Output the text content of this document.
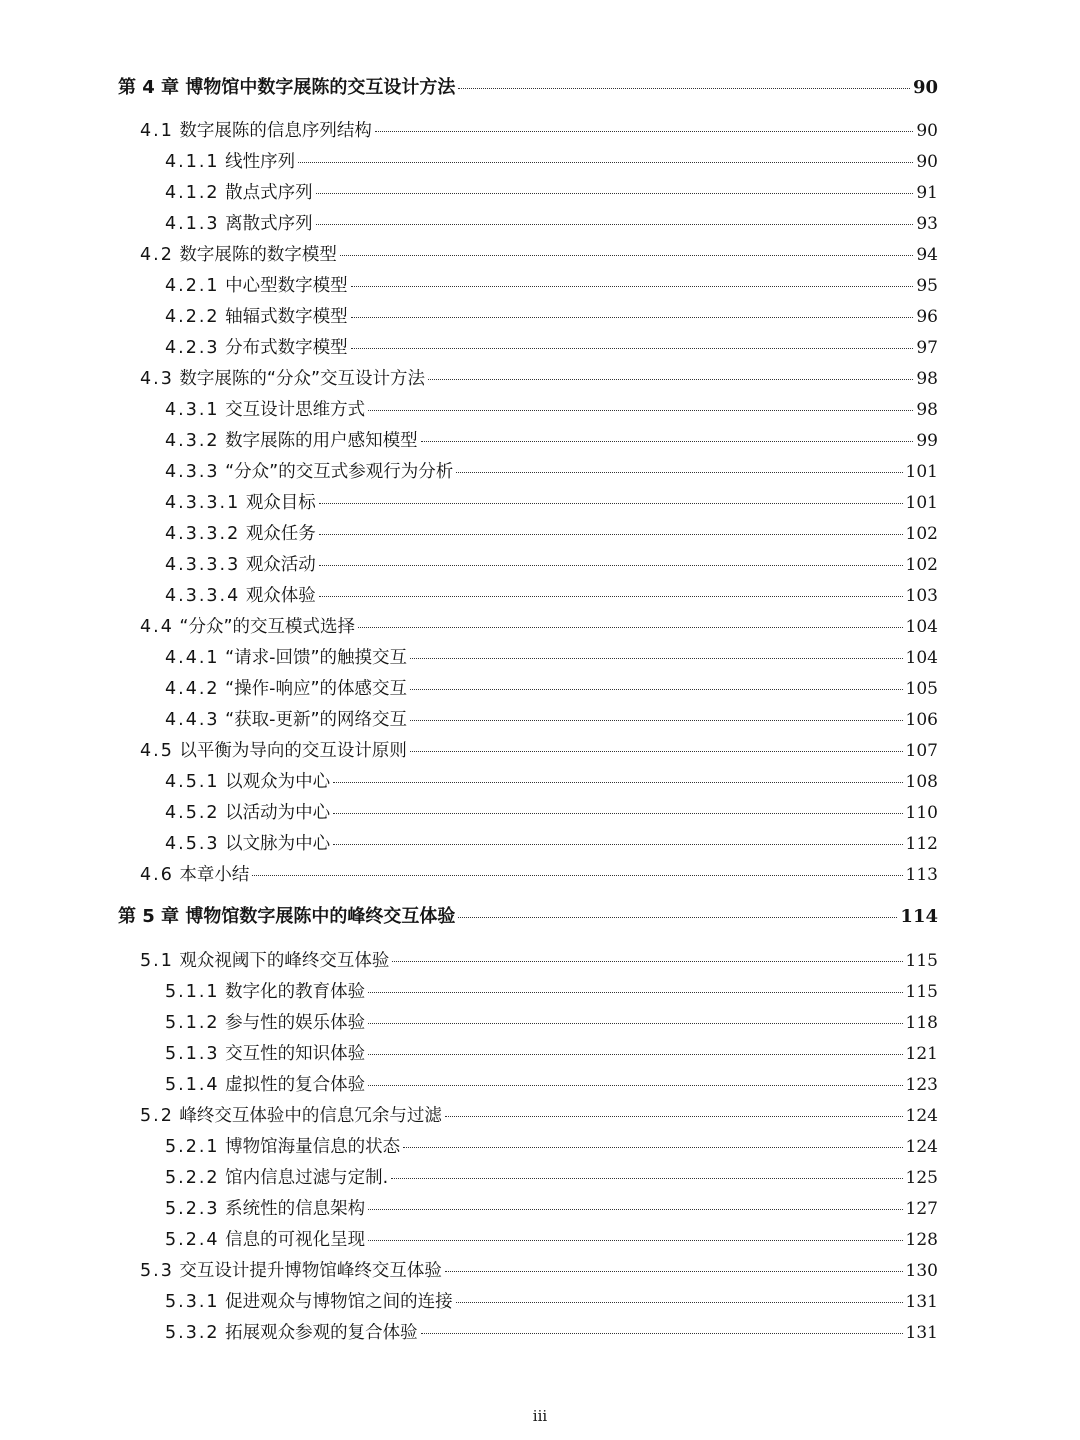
第 4 章 博物馆中数字展陈的交互设计方法	90
4.1 数字展陈的信息序列结构	90
4.1.1 线性序列	90
4.1.2 散点式序列	91
4.1.3 离散式序列	93
4.2 数字展陈的数字模型	94
4.2.1 中心型数字模型	95
4.2.2 轴辐式数字模型	96
4.2.3 分布式数字模型	97
4.3 数字展陈的“分众”交互设计方法	98
4.3.1 交互设计思维方式	98
4.3.2 数字展陈的用户感知模型	99
4.3.3 “分众”的交互式参观行为分析	101
4.3.3.1 观众目标	101
4.3.3.2 观众任务	102
4.3.3.3 观众活动	102
4.3.3.4 观众体验	103
4.4 “分众”的交互模式选择	104
4.4.1 “请求-回馈”的触摸交互	104
4.4.2 “操作-响应”的体感交互	105
4.4.3 “获取-更新”的网络交互	106
4.5 以平衡为导向的交互设计原则	107
4.5.1 以观众为中心	108
4.5.2 以活动为中心	110
4.5.3 以文脉为中心	112
4.6 本章小结	113
第 5 章 博物馆数字展陈中的峰终交互体验	114
5.1 观众视阈下的峰终交互体验	115
5.1.1 数字化的教育体验	115
5.1.2 参与性的娱乐体验	118
5.1.3 交互性的知识体验	121
5.1.4 虚拟性的复合体验	123
5.2 峰终交互体验中的信息冗余与过滤	124
5.2.1 博物馆海量信息的状态	124
5.2.2 馆内信息过滤与定制.	125
5.2.3 系统性的信息架构	127
5.2.4 信息的可视化呈现	128
5.3 交互设计提升博物馆峰终交互体验	130
5.3.1 促进观众与博物馆之间的连接	131
5.3.2 拓展观众参观的复合体验	131
iii
